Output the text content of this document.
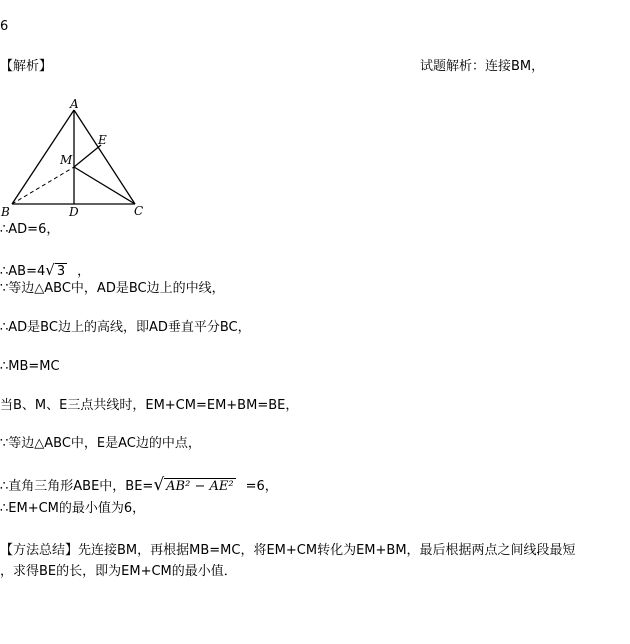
6
【解析】	试题解析：连接BM，
A
E
M
B	D	C
∴AD=6，
∴AB=4√ 3 ，
∵等边△ABC中，AD是BC边上的中线，
∴AD是BC边上的高线，即AD垂直平分BC，
∴MB=MC
当B、M、E三点共线时，EM+CM=EM+BM=BE，
∵等边△ABC中，E是AC边的中点，
∴直角三角形ABE中，BE=√ AB² − AE² =6，
∴EM+CM的最小值为6，
【方法总结】先连接BM，再根据MB=MC，将EM+CM转化为EM+BM，最后根据两点之间线段最短
，求得BE的长，即为EM+CM的最小值．
